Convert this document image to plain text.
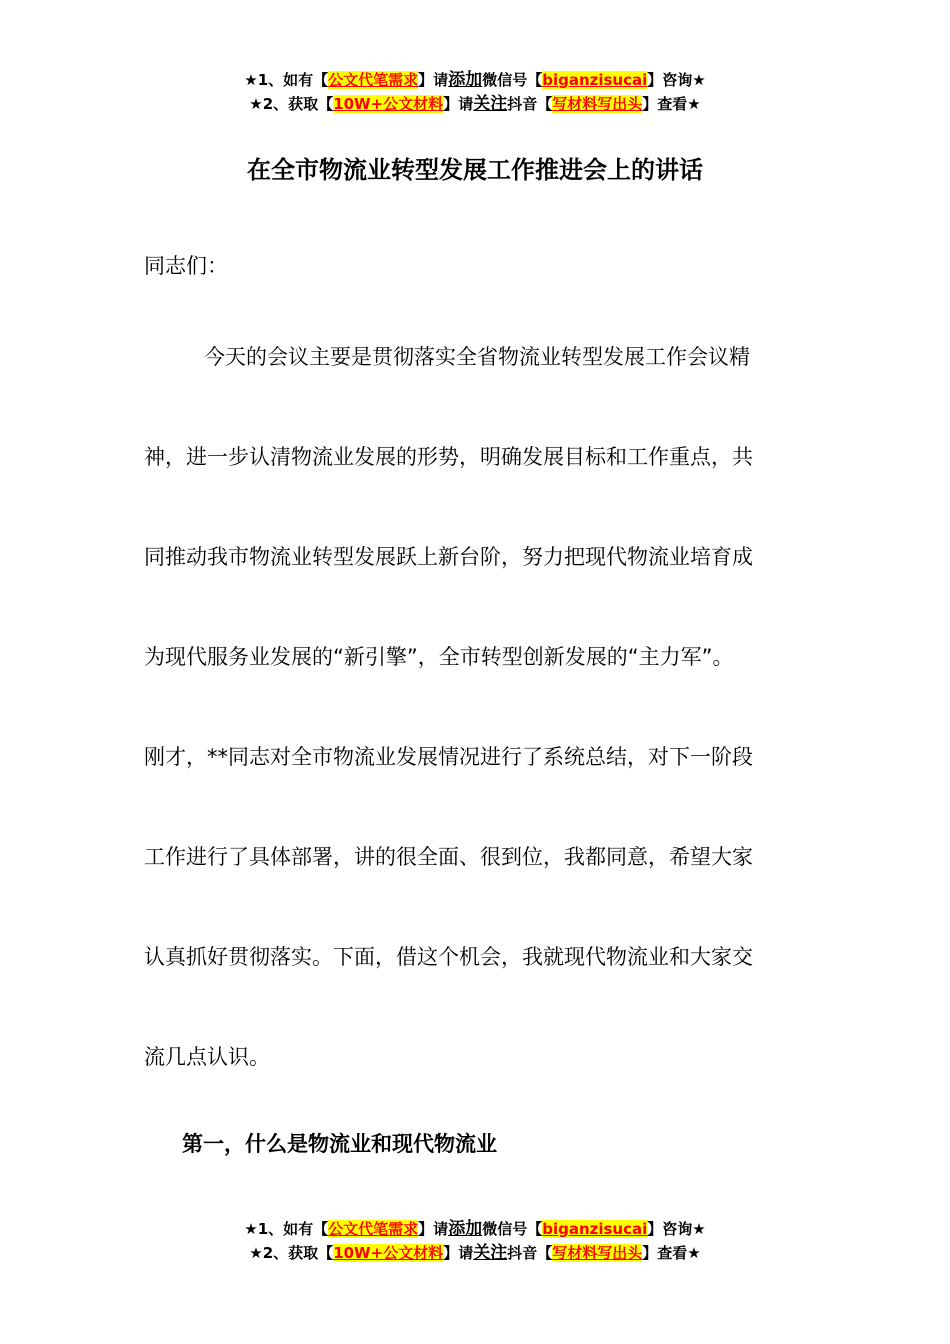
★1、如有【公文代笔需求】请添加微信号【biganzisucai】咨询★
★2、获取【10W+公文材料】请关注抖音【写材料写出头】查看★
在全市物流业转型发展工作推进会上的讲话
同志们：
今天的会议主要是贯彻落实全省物流业转型发展工作会议精
神，进一步认清物流业发展的形势，明确发展目标和工作重点，共
同推动我市物流业转型发展跃上新台阶，努力把现代物流业培育成
为现代服务业发展的“新引擎”，全市转型创新发展的“主力军”。
刚才，**同志对全市物流业发展情况进行了系统总结，对下一阶段
工作进行了具体部署，讲的很全面、很到位，我都同意，希望大家
认真抓好贯彻落实。下面，借这个机会，我就现代物流业和大家交
流几点认识。
第一，什么是物流业和现代物流业
★1、如有【公文代笔需求】请添加微信号【biganzisucai】咨询★
★2、获取【10W+公文材料】请关注抖音【写材料写出头】查看★
